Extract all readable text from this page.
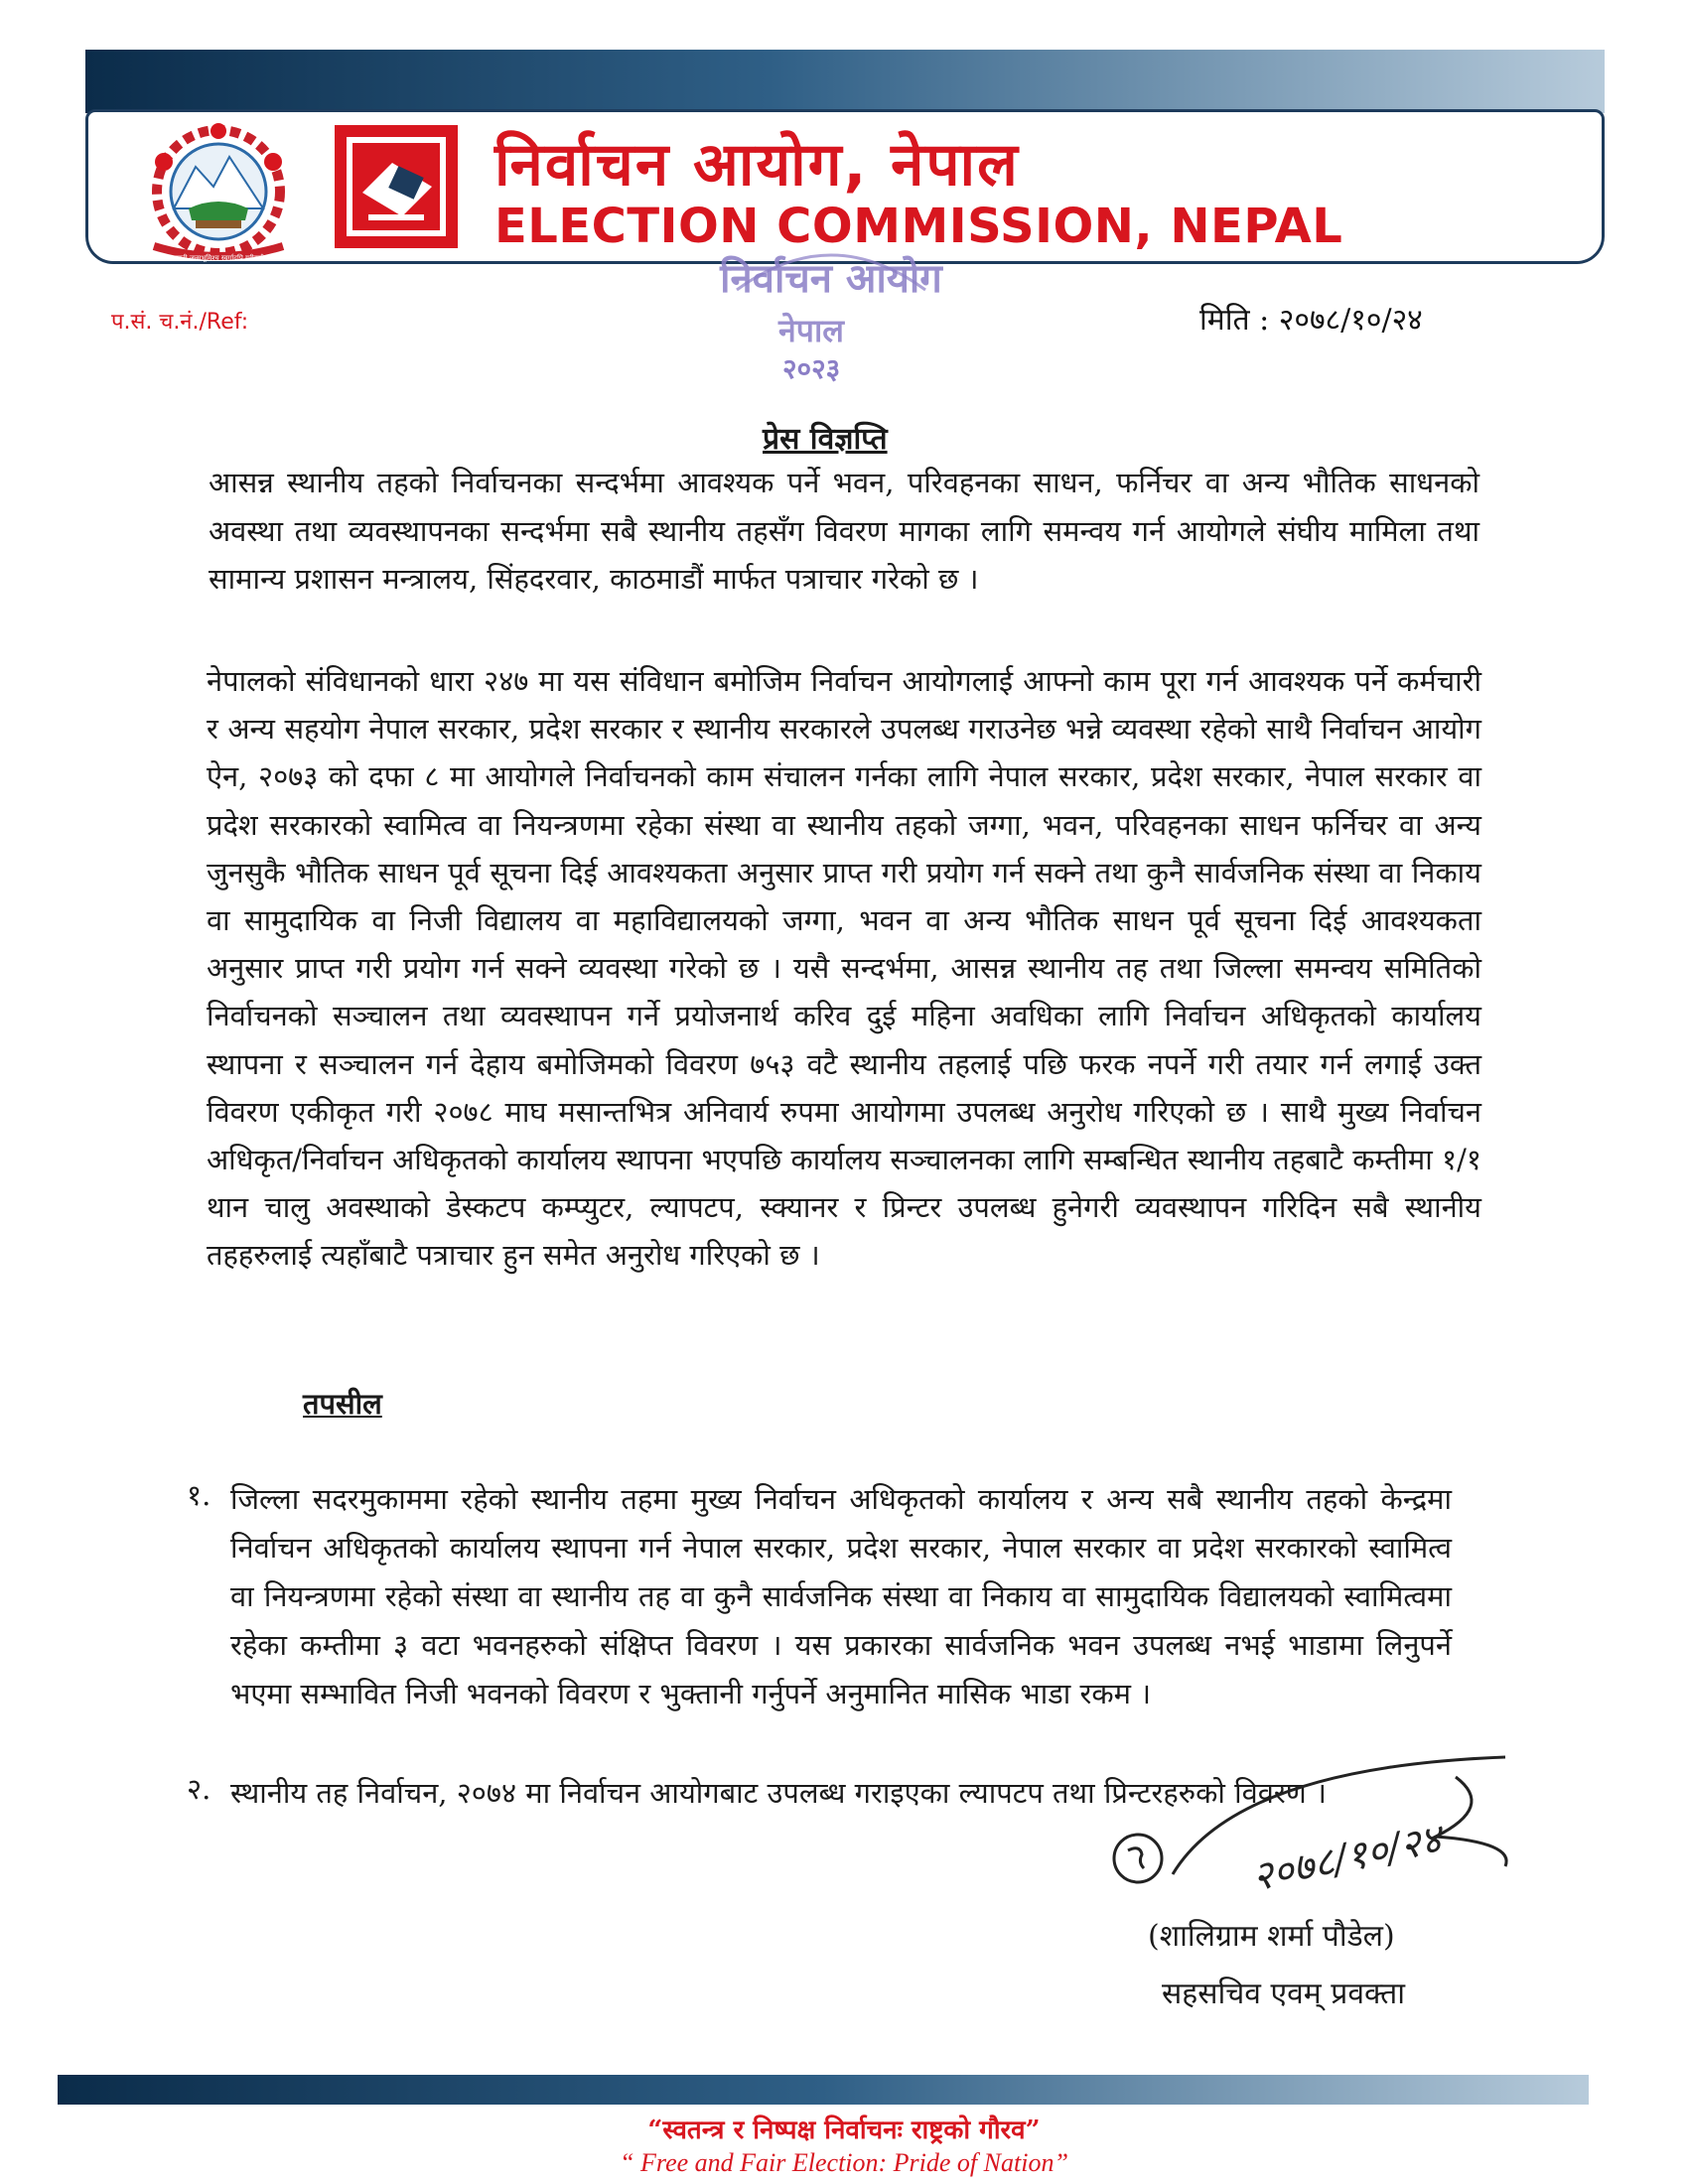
जननी जन्मभूमिश्च स्वर्गादपि गरीयसी
निर्वाचन आयोग, नेपाल
ELECTION COMMISSION, NEPAL
प.सं. च.नं./Ref:	मिति : २०७८/१०/२४
निर्वाचन आयोग
नेपाल
२०२३
प्रेस विज्ञप्ति

आसन्न स्थानीय तहको निर्वाचनका सन्दर्भमा आवश्यक पर्ने भवन, परिवहनका साधन, फर्निचर वा अन्य भौतिक साधनको अवस्था तथा व्यवस्थापनका सन्दर्भमा सबै स्थानीय तहसँग विवरण मागका लागि समन्वय गर्न आयोगले संघीय मामिला तथा सामान्य प्रशासन मन्त्रालय, सिंहदरवार, काठमाडौं मार्फत पत्राचार गरेको छ ।

नेपालको संविधानको धारा २४७ मा यस संविधान बमोजिम निर्वाचन आयोगलाई आफ्नो काम पूरा गर्न आवश्यक पर्ने कर्मचारी र अन्य सहयोग नेपाल सरकार, प्रदेश सरकार र स्थानीय सरकारले उपलब्ध गराउनेछ भन्ने व्यवस्था रहेको साथै निर्वाचन आयोग ऐन, २०७३ को दफा ८ मा आयोगले निर्वाचनको काम संचालन गर्नका लागि नेपाल सरकार, प्रदेश सरकार, नेपाल सरकार वा प्रदेश सरकारको स्वामित्व वा नियन्त्रणमा रहेका संस्था वा स्थानीय तहको जग्गा, भवन, परिवहनका साधन फर्निचर वा अन्य जुनसुकै भौतिक साधन पूर्व सूचना दिई आवश्यकता अनुसार प्राप्त गरी प्रयोग गर्न सक्ने तथा कुनै सार्वजनिक संस्था वा निकाय वा सामुदायिक वा निजी विद्यालय वा महाविद्यालयको जग्गा, भवन वा अन्य भौतिक साधन पूर्व सूचना दिई आवश्यकता अनुसार प्राप्त गरी प्रयोग गर्न सक्ने व्यवस्था गरेको छ । यसै सन्दर्भमा, आसन्न स्थानीय तह तथा जिल्ला समन्वय समितिको निर्वाचनको सञ्चालन तथा व्यवस्थापन गर्ने प्रयोजनार्थ करिव दुई महिना अवधिका लागि निर्वाचन अधिकृतको कार्यालय स्थापना र सञ्चालन गर्न देहाय बमोजिमको विवरण ७५३ वटै स्थानीय तहलाई पछि फरक नपर्ने गरी तयार गर्न लगाई उक्त विवरण एकीकृत गरी २०७८ माघ मसान्तभित्र अनिवार्य रुपमा आयोगमा उपलब्ध अनुरोध गरिएको छ । साथै मुख्य निर्वाचन अधिकृत/निर्वाचन अधिकृतको कार्यालय स्थापना भएपछि कार्यालय सञ्चालनका लागि सम्बन्धित स्थानीय तहबाटै कम्तीमा १/१ थान चालु अवस्थाको डेस्कटप कम्प्युटर, ल्यापटप, स्क्यानर र प्रिन्टर उपलब्ध हुनेगरी व्यवस्थापन गरिदिन सबै स्थानीय तहहरुलाई त्यहाँबाटै पत्राचार हुन समेत अनुरोध गरिएको छ ।

तपसील
१. जिल्ला सदरमुकाममा रहेको स्थानीय तहमा मुख्य निर्वाचन अधिकृतको कार्यालय र अन्य सबै स्थानीय तहको केन्द्रमा निर्वाचन अधिकृतको कार्यालय स्थापना गर्न नेपाल सरकार, प्रदेश सरकार, नेपाल सरकार वा प्रदेश सरकारको स्वामित्व वा नियन्त्रणमा रहेको संस्था वा स्थानीय तह वा कुनै सार्वजनिक संस्था वा निकाय वा सामुदायिक विद्यालयको स्वामित्वमा रहेका कम्तीमा ३ वटा भवनहरुको संक्षिप्त विवरण । यस प्रकारका सार्वजनिक भवन उपलब्ध नभई भाडामा लिनुपर्ने भएमा सम्भावित निजी भवनको विवरण र भुक्तानी गर्नुपर्ने अनुमानित मासिक भाडा रकम ।

२. स्थानीय तह निर्वाचन, २०७४ मा निर्वाचन आयोगबाट उपलब्ध गराइएका ल्यापटप तथा प्रिन्टरहरुको विवरण ।

२०७८/१०/२४
(शालिग्राम शर्मा पौडेल)
सहसचिव एवम् प्रवक्ता
“स्वतन्त्र र निष्पक्ष निर्वाचनः राष्ट्रको गौरव”
“ Free and Fair Election: Pride of Nation”
